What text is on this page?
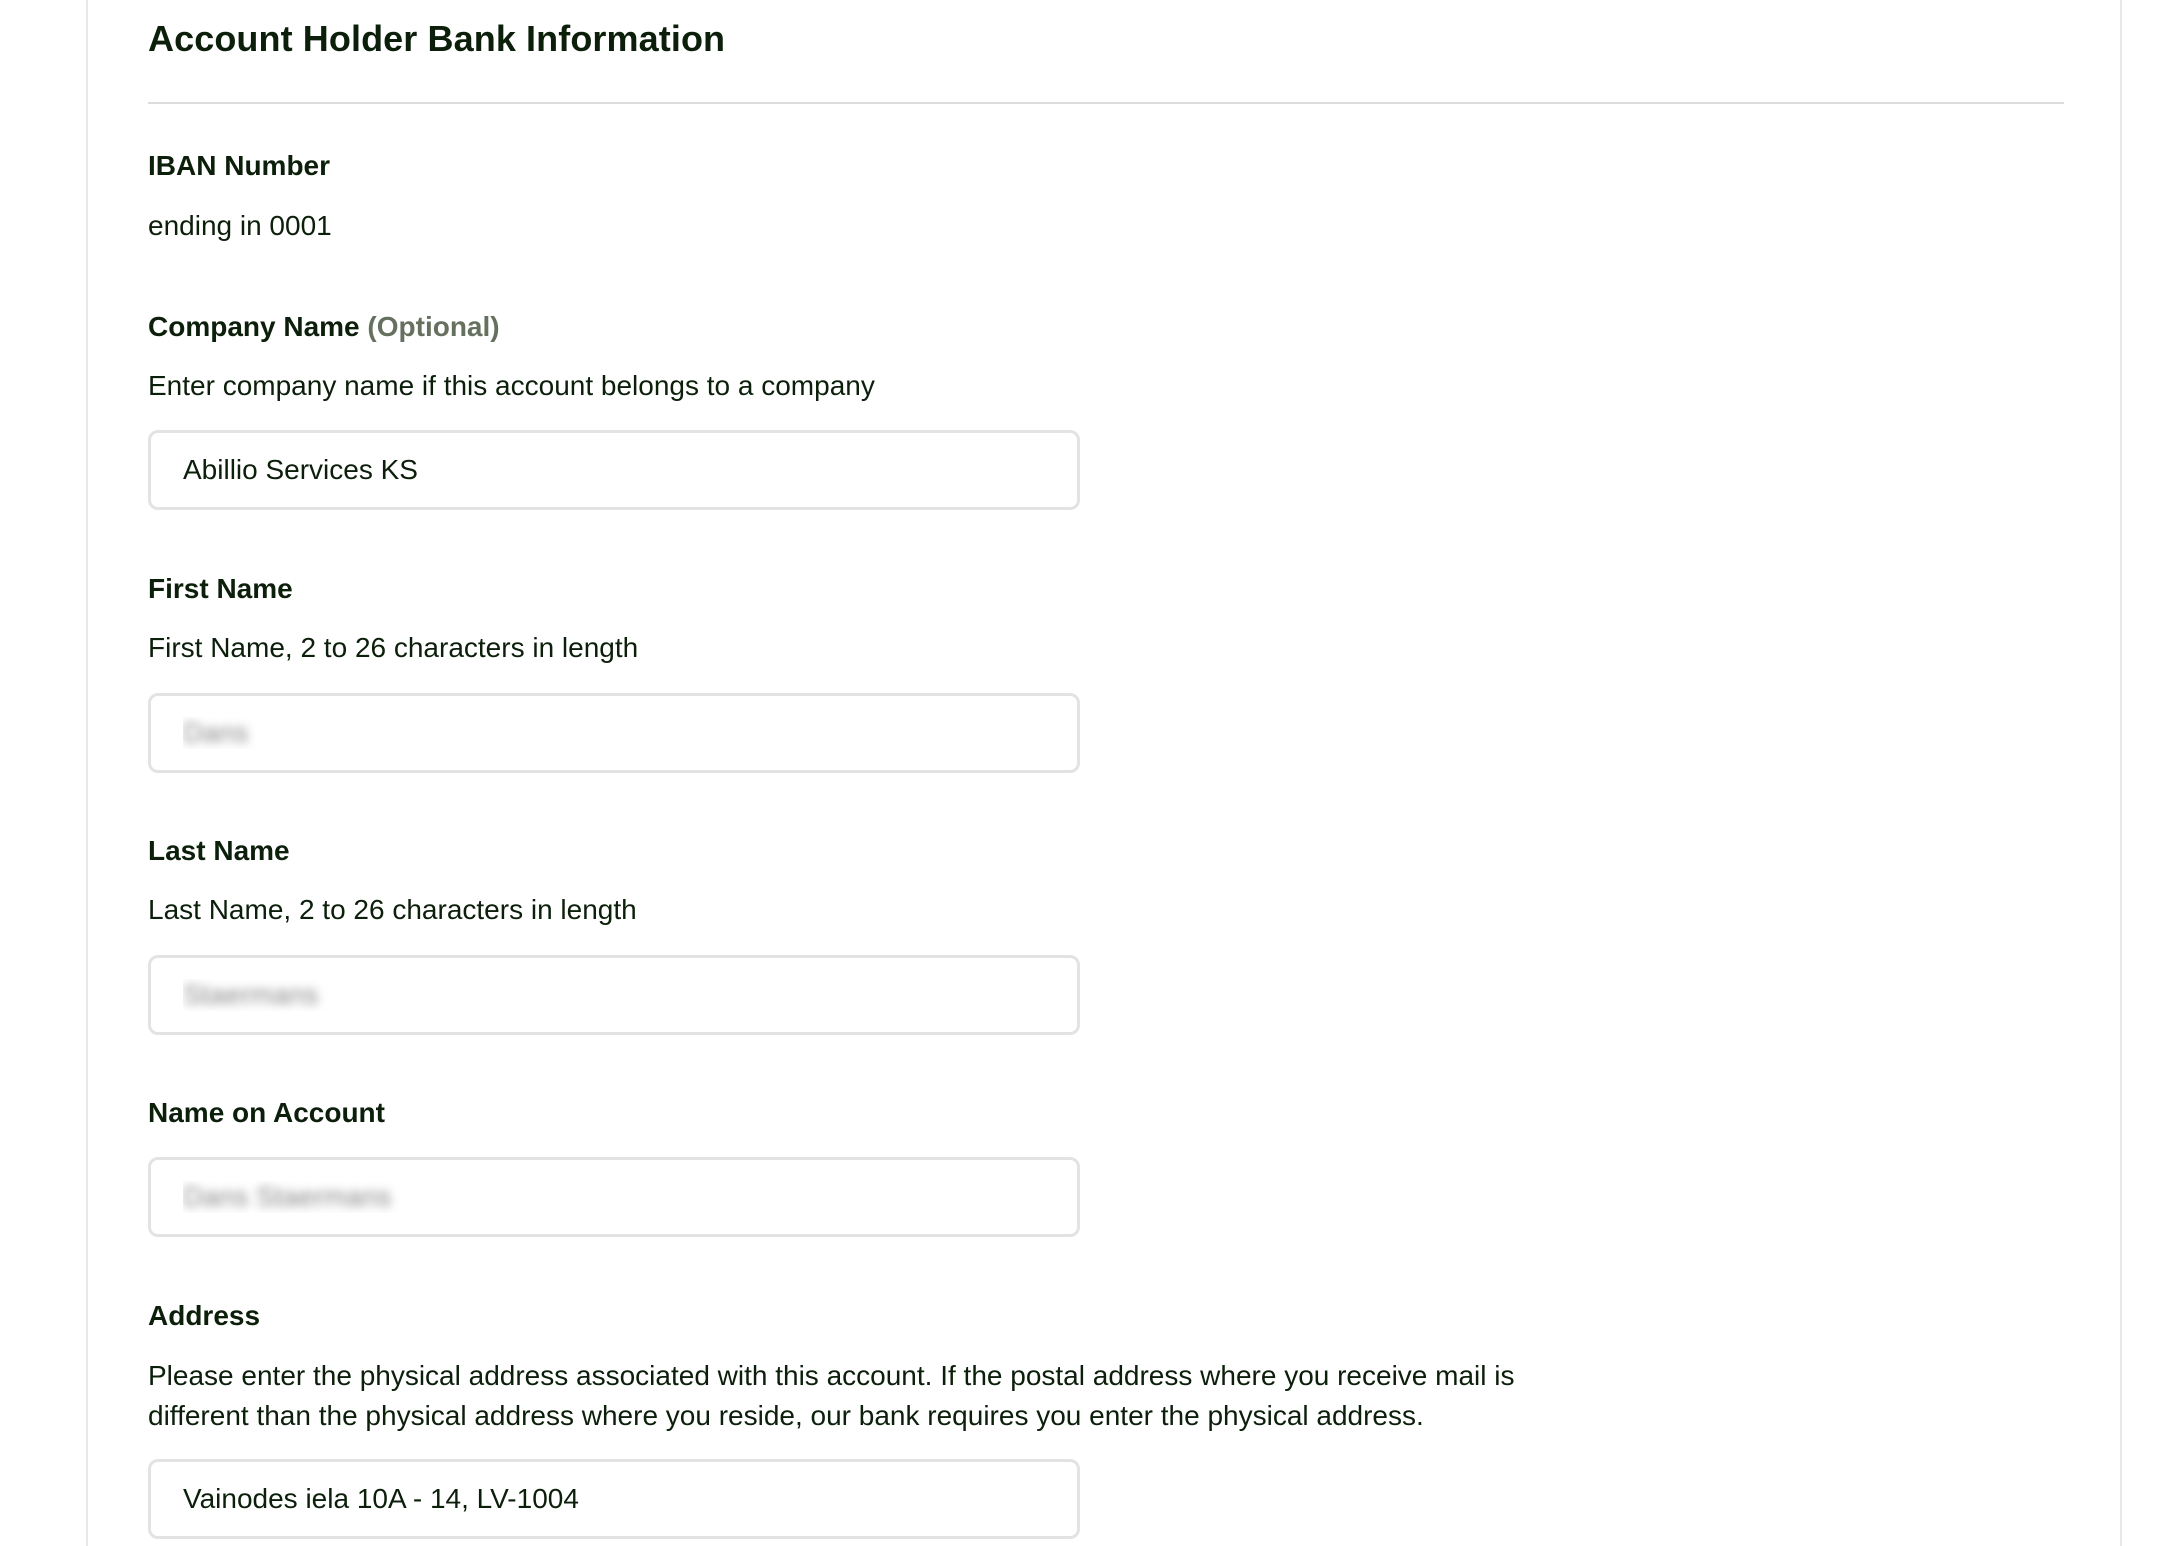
Account Holder Bank Information
IBAN Number
ending in 0001
Company Name (Optional)
Enter company name if this account belongs to a company
Abillio Services KS
First Name
First Name, 2 to 26 characters in length
Dans
Last Name
Last Name, 2 to 26 characters in length
Staermans
Name on Account
Dans Staermans
Address
Please enter the physical address associated with this account. If the postal address where you receive mail is different than the physical address where you reside, our bank requires you enter the physical address.
Vainodes iela 10A - 14, LV-1004
